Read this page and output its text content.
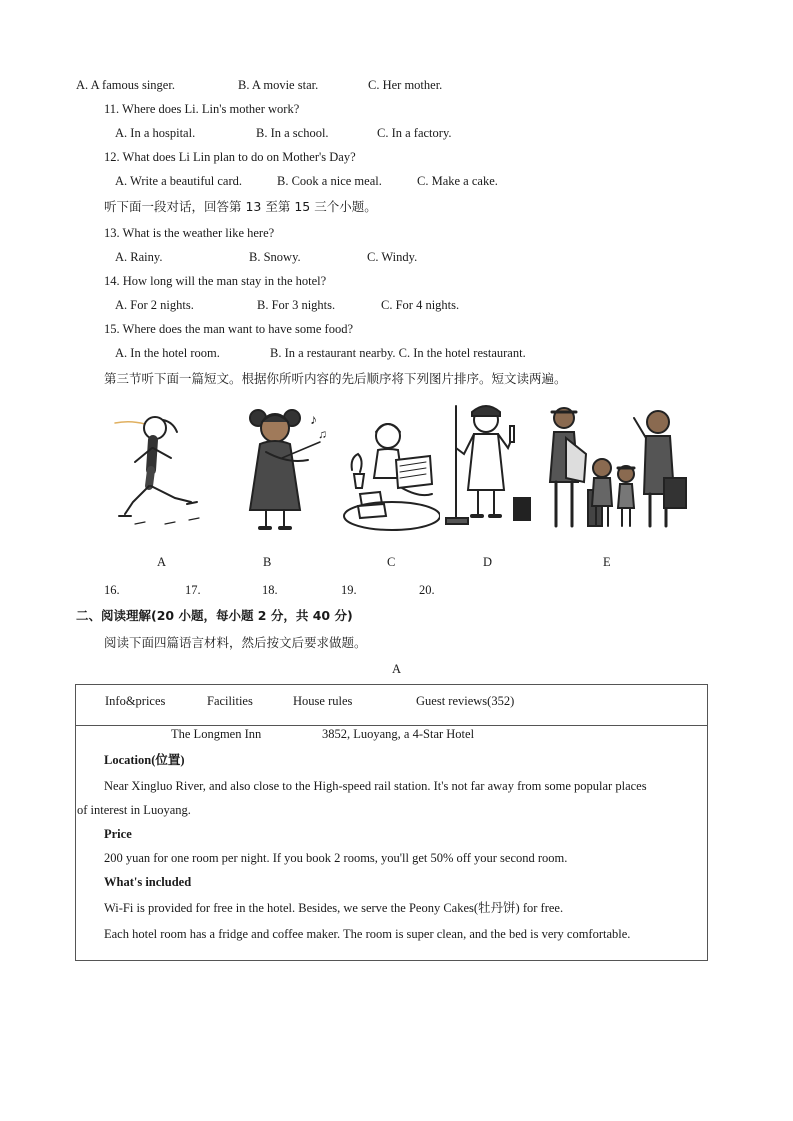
A. A famous singer.	B. A movie star.	C. Her mother.
11. Where does Li. Lin's mother work?
A. In a hospital.	B. In a school.	C. In a factory.
12. What does Li Lin plan to do on Mother's Day?
A. Write a beautiful card.	B. Cook a nice meal.	C. Make a cake.
听下面一段对话，回答第 13 至第 15 三个小题。
13. What is the weather like here?
A. Rainy.	B. Snowy.	C. Windy.
14. How long will the man stay in the hotel?
A. For 2 nights.	B. For 3 nights.	C. For 4 nights.
15. Where does the man want to have some food?
A. In the hotel room.	B. In a restaurant nearby. C. In the hotel restaurant.
第三节听下面一篇短文。根据你所听内容的先后顺序将下列图片排序。短文读两遍。
♪
♫
A	B	C	D	E
16.	17.	18.	19.	20.
二、阅读理解(20 小题，每小题 2 分，共 40 分)
阅读下面四篇语言材料，然后按文后要求做题。
A
Info&prices	Facilities	House rules	Guest reviews(352)
The Longmen Inn	3852, Luoyang, a 4-Star Hotel
Location(位置)
Near Xingluo River, and also close to the High-speed rail station. It's not far away from some popular places
of interest in Luoyang.
Price
200 yuan for one room per night. If you book 2 rooms, you'll get 50% off your second room.
What's included
Wi-Fi is provided for free in the hotel. Besides, we serve the Peony Cakes(牡丹饼) for free.
Each hotel room has a fridge and coffee maker. The room is super clean, and the bed is very comfortable.
